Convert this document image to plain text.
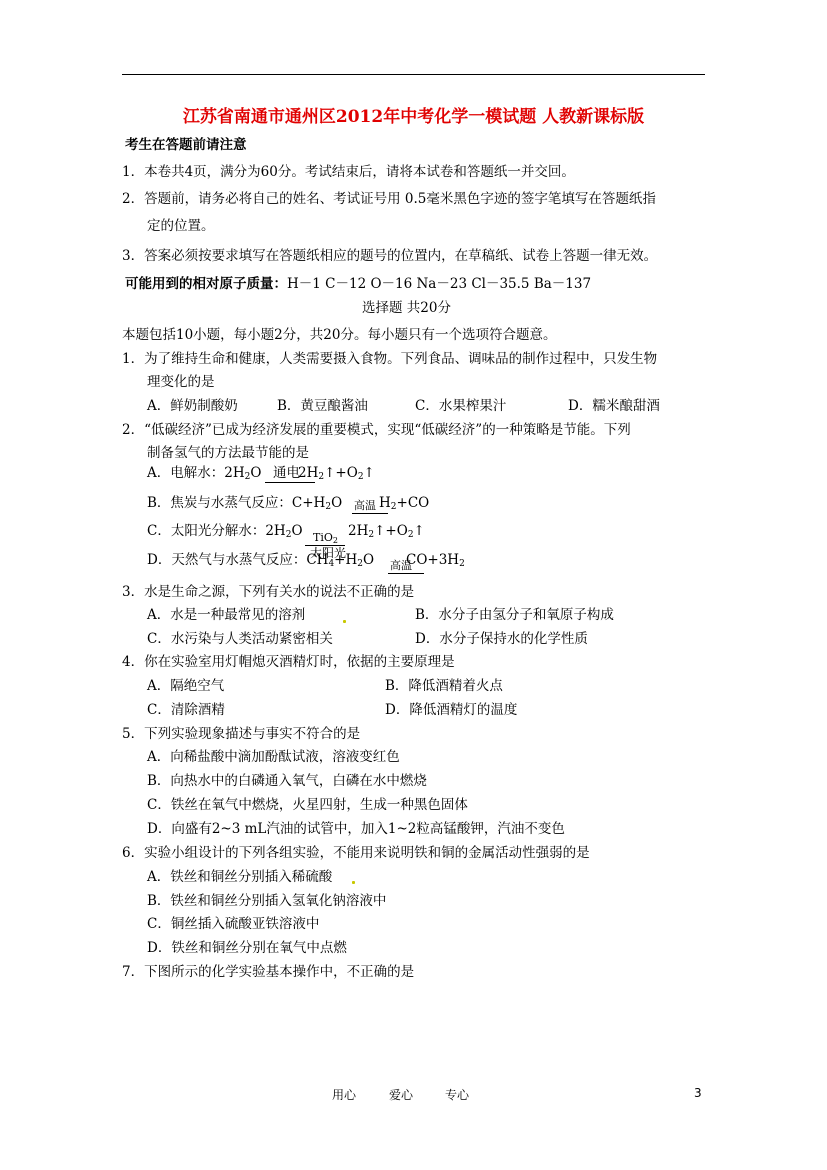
江苏省南通市通州区2012年中考化学一模试题 人教新课标版
考生在答题前请注意
1．本卷共4页，满分为60分。考试结束后，请将本试卷和答题纸一并交回。
2．答题前，请务必将自己的姓名、考试证号用 0.5毫米黑色字迹的签字笔填写在答题纸指
定的位置。
3．答案必须按要求填写在答题纸相应的题号的位置内，在草稿纸、试卷上答题一律无效。
可能用到的相对原子质量：H－1 C－12 O－16 Na－23 Cl－35.5 Ba－137
选择题 共20分
本题包括10小题，每小题2分，共20分。每小题只有一个选项符合题意。
1．为了维持生命和健康，人类需要摄入食物。下列食品、调味品的制作过程中，只发生物
理变化的是
A．鲜奶制酸奶	B．黄豆酿酱油	C．水果榨果汁	D．糯米酿甜酒
2．“低碳经济”已成为经济发展的重要模式，实现“低碳经济”的一种策略是节能。下列
制备氢气的方法最节能的是
A．电解水：$2H_2O$ 通电
$2H_2↑+O_2↑$
B．焦炭与水蒸气反应：$C+H_2O$ 高温 $H_2+CO$
C．太阳光分解水：$2H_2O$ TiO2
$2H_2↑+O_2↑$
D．天然气与水蒸气反应：$CH_4+H_2O$
太阳光
高温
$CO+3H_2$
3．水是生命之源，下列有关水的说法不正确的是
A．水是一种最常见的溶剂	B．水分子由氢分子和氧原子构成
C．水污染与人类活动紧密相关	D．水分子保持水的化学性质
4．你在实验室用灯帽熄灭酒精灯时，依据的主要原理是
A．隔绝空气	B．降低酒精着火点
C．清除酒精	D．降低酒精灯的温度
5．下列实验现象描述与事实不符合的是
A．向稀盐酸中滴加酚酞试液，溶液变红色
B．向热水中的白磷通入氧气，白磷在水中燃烧
C．铁丝在氧气中燃烧，火星四射，生成一种黑色固体
D．向盛有2~3 mL汽油的试管中，加入1~2粒高锰酸钾，汽油不变色
6．实验小组设计的下列各组实验，不能用来说明铁和铜的金属活动性强弱的是
A．铁丝和铜丝分别插入稀硫酸
B．铁丝和铜丝分别插入氢氧化钠溶液中
C．铜丝插入硫酸亚铁溶液中
D．铁丝和铜丝分别在氧气中点燃
7．下图所示的化学实验基本操作中，不正确的是
用心	爱心	专心	3
